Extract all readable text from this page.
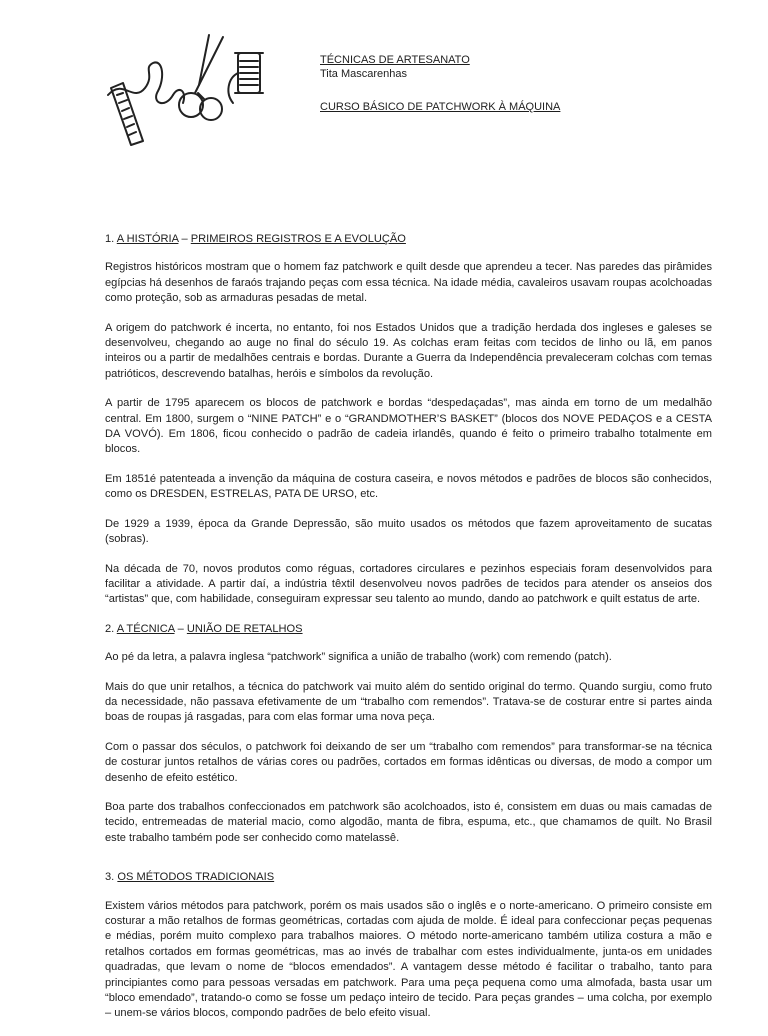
TÉCNICAS DE ARTESANATO
Tita Mascarenhas
CURSO BÁSICO DE PATCHWORK À MÁQUINA
1. A HISTÓRIA – PRIMEIROS REGISTROS E A EVOLUÇÃO

Registros históricos mostram que o homem faz patchwork e quilt desde que aprendeu a tecer. Nas paredes das pirâmides egípcias há desenhos de faraós trajando peças com essa técnica. Na idade média, cavaleiros usavam roupas acolchoadas como proteção, sob as armaduras pesadas de metal.

A origem do patchwork é incerta, no entanto, foi nos Estados Unidos que a tradição herdada dos ingleses e galeses se desenvolveu, chegando ao auge no final do século 19. As colchas eram feitas com tecidos de linho ou lã, em panos inteiros ou a partir de medalhões centrais e bordas. Durante a Guerra da Independência prevaleceram colchas com temas patrióticos, descrevendo batalhas, heróis e símbolos da revolução.

A partir de 1795 aparecem os blocos de patchwork e bordas “despedaçadas”, mas ainda em torno de um medalhão central. Em 1800, surgem o “NINE PATCH” e o “GRANDMOTHER’S BASKET” (blocos dos NOVE PEDAÇOS e a CESTA DA VOVÓ). Em 1806, ficou conhecido o padrão de cadeia irlandês, quando é feito o primeiro trabalho totalmente em blocos.

Em 1851é patenteada a invenção da máquina de costura caseira, e novos métodos e padrões de blocos são conhecidos, como os DRESDEN, ESTRELAS, PATA DE URSO, etc.

De 1929 a 1939, época da Grande Depressão, são muito usados os métodos que fazem aproveitamento de sucatas (sobras).

Na década de 70, novos produtos como réguas, cortadores circulares e pezinhos especiais foram desenvolvidos para facilitar a atividade. A partir daí, a indústria têxtil desenvolveu novos padrões de tecidos para atender os anseios dos “artistas” que, com habilidade, conseguiram expressar seu talento ao mundo, dando ao patchwork e quilt estatus de arte.

2. A TÉCNICA – UNIÃO DE RETALHOS

Ao pé da letra, a palavra inglesa “patchwork” significa a união de trabalho (work) com remendo (patch).

Mais do que unir retalhos, a técnica do patchwork vai muito além do sentido original do termo. Quando surgiu, como fruto da necessidade, não passava efetivamente de um “trabalho com remendos”. Tratava-se de costurar entre si partes ainda boas de roupas já rasgadas, para com elas formar uma nova peça.

Com o passar dos séculos, o patchwork foi deixando de ser um “trabalho com remendos” para transformar-se na técnica de costurar juntos retalhos de várias cores ou padrões, cortados em formas idênticas ou diversas, de modo a compor um desenho de efeito estético.

Boa parte dos trabalhos confeccionados em patchwork são acolchoados, isto é, consistem em duas ou mais camadas de tecido, entremeadas de material macio, como algodão, manta de fibra, espuma, etc., que chamamos de quilt. No Brasil este trabalho também pode ser conhecido como matelassê.

3. OS MÉTODOS TRADICIONAIS

Existem vários métodos para patchwork, porém os mais usados são o inglês e o norte-americano. O primeiro consiste em costurar a mão retalhos de formas geométricas, cortadas com ajuda de molde. É ideal para confeccionar peças pequenas e médias, porém muito complexo para trabalhos maiores. O método norte-americano também utiliza costura a mão e retalhos cortados em formas geométricas, mas ao invés de trabalhar com estes individualmente, junta-os em unidades quadradas, que levam o nome de “blocos emendados”. A vantagem desse método é facilitar o trabalho, tanto para principiantes como para pessoas versadas em patchwork. Para uma peça pequena como uma almofada, basta usar um “bloco emendado”, tratando-o como se fosse um pedaço inteiro de tecido. Para peças grandes – uma colcha, por exemplo – unem-se vários blocos, compondo padrões de belo efeito visual.
